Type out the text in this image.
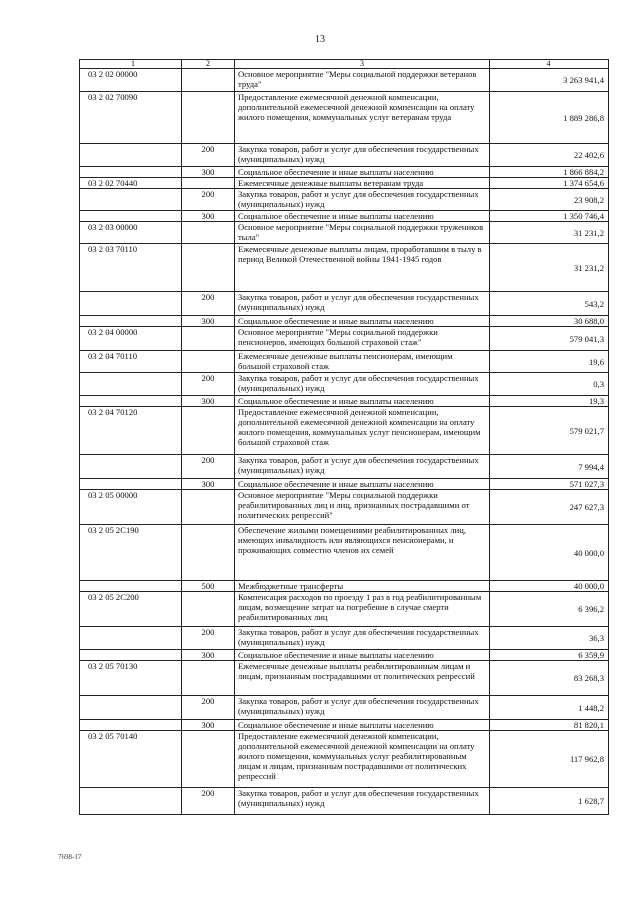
13
1	2	3	4
03 2 02 00000		Основное мероприятие "Меры социальной поддержки ветеранов труда"	3 263 941,4
03 2 02 70090		Предоставление ежемесячной денежной компенсации, дополнительной ежемесячной денежной компенсации на оплату жилого помещения, коммунальных услуг ветеранам труда	1 889 286,8
	200	Закупка товаров, работ и услуг для обеспечения государственных (муниципальных) нужд	22 402,6
	300	Социальное обеспечение и иные выплаты населению	1 866 884,2
03 2 02 70440		Ежемесячные денежные выплаты ветеранам труда	1 374 654,6
	200	Закупка товаров, работ и услуг для обеспечения государственных (муниципальных) нужд	23 908,2
	300	Социальное обеспечение и иные выплаты населению	1 350 746,4
03 2 03 00000		Основное мероприятие "Меры социальной поддержки тружеников тыла"	31 231,2
03 2 03 70110		Ежемесячные денежные выплаты лицам, проработавшим в тылу в период Великой Отечественной войны 1941-1945 годов	31 231,2
	200	Закупка товаров, работ и услуг для обеспечения государственных (муниципальных) нужд	543,2
	300	Социальное обеспечение и иные выплаты населению	30 688,0
03 2 04 00000		Основное мероприятие "Меры социальной поддержки пенсионеров, имеющих большой страховой стаж"	579 041,3
03 2 04 70110		Ежемесячные денежные выплаты пенсионерам, имеющим большой страховой стаж	19,6
	200	Закупка товаров, работ и услуг для обеспечения государственных (муниципальных) нужд	0,3
	300	Социальное обеспечение и иные выплаты населению	19,3
03 2 04 70120		Предоставление ежемесячной денежной компенсации, дополнительной ежемесячной денежной компенсации на оплату жилого помещения, коммунальных услуг пенсионерам, имеющим большой страховой стаж	579 021,7
	200	Закупка товаров, работ и услуг для обеспечения государственных (муниципальных) нужд	7 994,4
	300	Социальное обеспечение и иные выплаты населению	571 027,3
03 2 05 00000		Основное мероприятие "Меры социальной поддержки реабилитированных лиц и лиц, признанных пострадавшими от политических репрессий"	247 627,3
03 2 05 2С190		Обеспечение жилыми помещениями реабилитированных лиц, имеющих инвалидность или являющихся пенсионерами, и проживающих совместно членов их семей	40 000,0
	500	Межбюджетные трансферты	40 000,0
03 2 05 2С200		Компенсация расходов по проезду 1 раз в год реабилитированным лицам, возмещение затрат на погребение в случае смерти реабилитированных лиц	6 396,2
	200	Закупка товаров, работ и услуг для обеспечения государственных (муниципальных) нужд	36,3
	300	Социальное обеспечение и иные выплаты населению	6 359,9
03 2 05 70130		Ежемесячные денежные выплаты реабилитированным лицам и лицам, признанным пострадавшими от политических репрессий	83 268,3
	200	Закупка товаров, работ и услуг для обеспечения государственных (муниципальных) нужд	1 448,2
	300	Социальное обеспечение и иные выплаты населению	81 820,1
03 2 05 70140		Предоставление ежемесячной денежной компенсации, дополнительной ежемесячной денежной компенсации на оплату жилого помещения, коммунальных услуг реабилитированным лицам и лицам, признанным пострадавшими от политических репрессий	117 962,8
	200	Закупка товаров, работ и услуг для обеспечения государственных (муниципальных) нужд	1 628,7
7698-17
